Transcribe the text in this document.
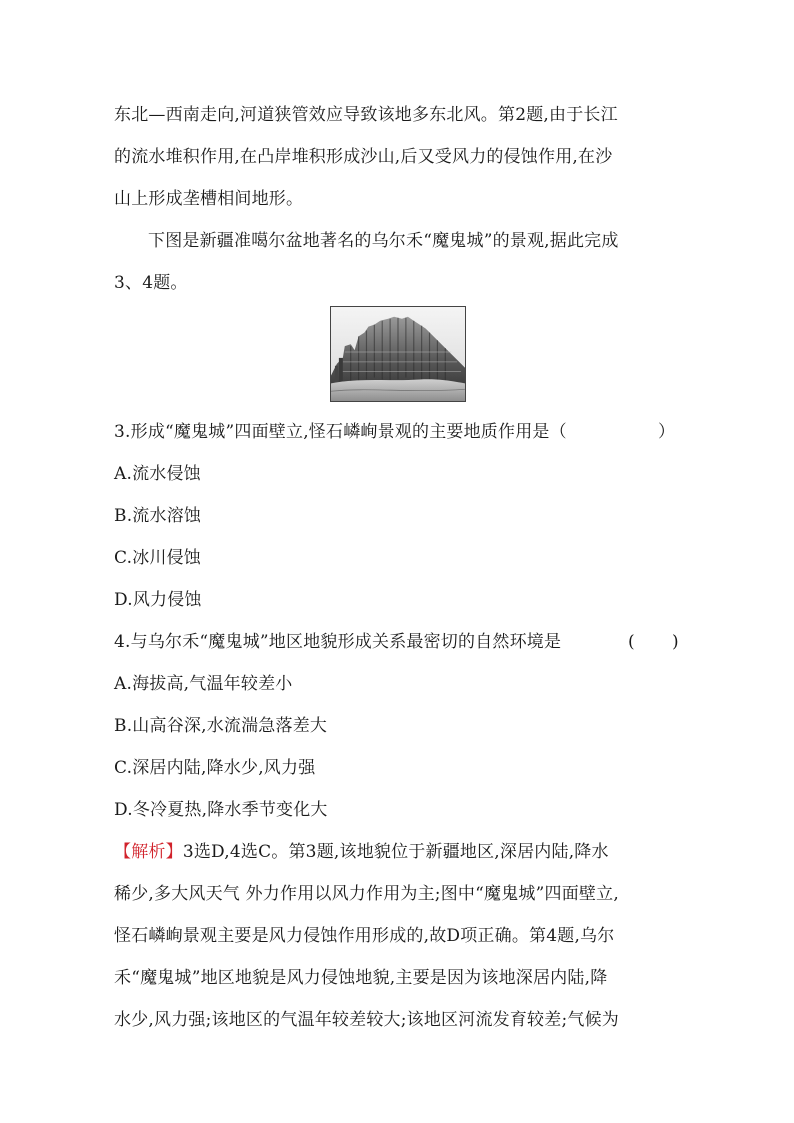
东北—西南走向,河道狭管效应导致该地多东北风。第2题,由于长江
的流水堆积作用,在凸岸堆积形成沙山,后又受风力的侵蚀作用,在沙
山上形成垄槽相间地形。
下图是新疆准噶尔盆地著名的乌尔禾“魔鬼城”的景观,据此完成
3、4题。
3.形成“魔鬼城”四面壁立,怪石嶙峋景观的主要地质作用是（	）
A.流水侵蚀
B.流水溶蚀
C.冰川侵蚀
D.风力侵蚀
4.与乌尔禾“魔鬼城”地区地貌形成关系最密切的自然环境是	( )
A.海拔高,气温年较差小
B.山高谷深,水流湍急落差大
C.深居内陆,降水少,风力强
D.冬冷夏热,降水季节变化大
【解析】3选D,4选C。第3题,该地貌位于新疆地区,深居内陆,降水
稀少,多大风天气 外力作用以风力作用为主;图中“魔鬼城”四面壁立,
怪石嶙峋景观主要是风力侵蚀作用形成的,故D项正确。第4题,乌尔
禾“魔鬼城”地区地貌是风力侵蚀地貌,主要是因为该地深居内陆,降
水少,风力强;该地区的气温年较差较大;该地区河流发育较差;气候为
